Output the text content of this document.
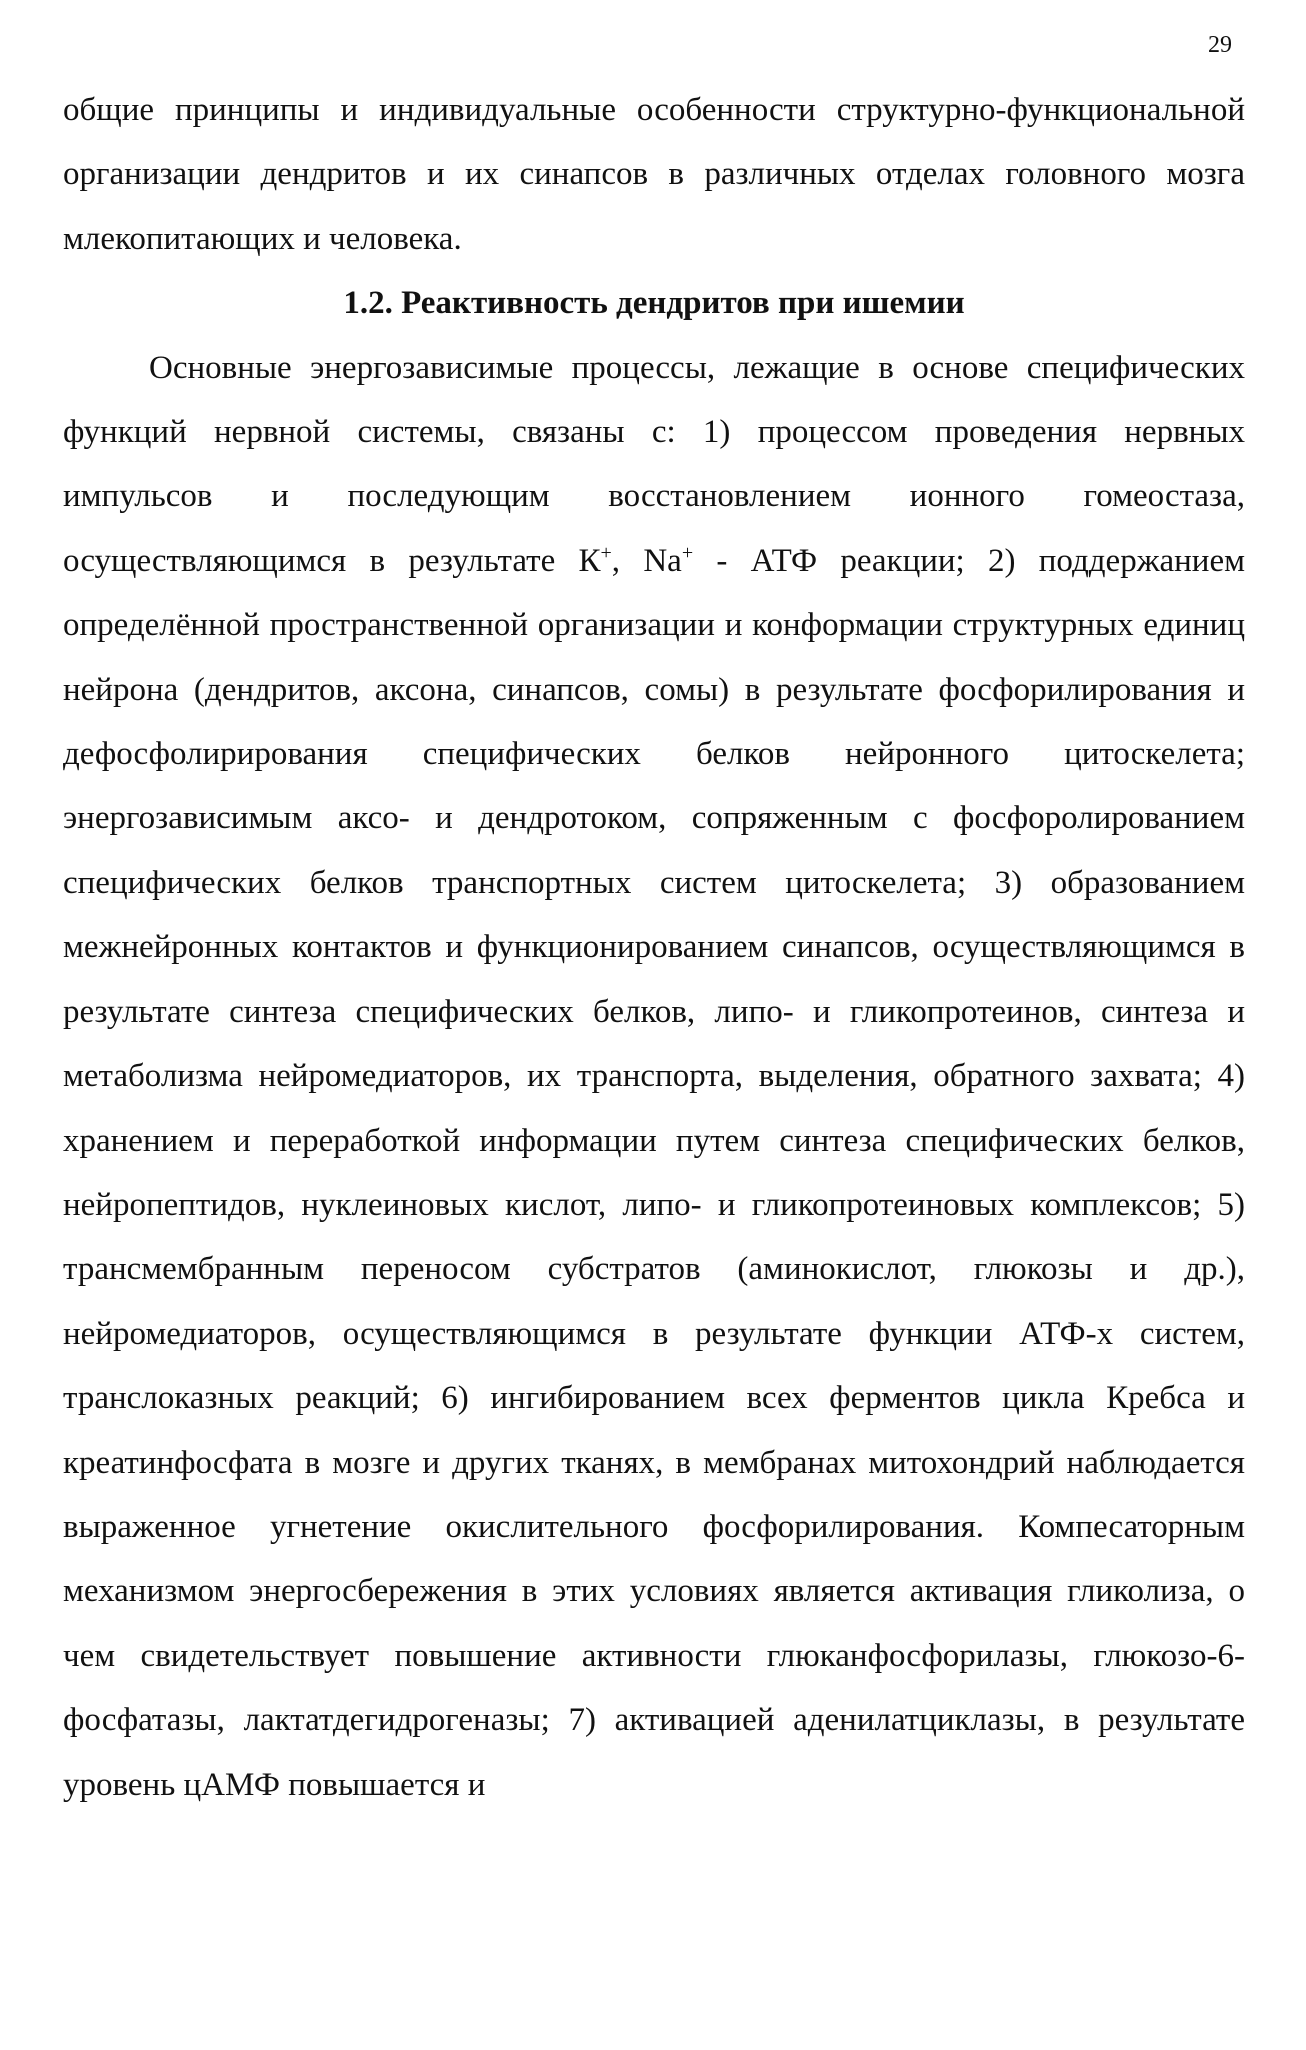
29

общие принципы и индивидуальные особенности структурно-функциональной организации дендритов и их синапсов в различных отделах головного мозга млекопитающих и человека.

1.2. Реактивность дендритов при ишемии

Основные энергозависимые процессы, лежащие в основе специфических функций нервной системы, связаны с: 1) процессом проведения нервных импульсов и последующим восстановлением ионного гомеостаза, осуществляющимся в результате К+, Na+ - АТФ реакции; 2) поддержанием определённой пространственной организации и конформации структурных единиц нейрона (дендритов, аксона, синапсов, сомы) в результате фосфорилирования и дефосфолирирования специфических белков нейронного цитоскелета; энергозависимым аксо- и дендротоком, сопряженным с фосфоролированием специфических белков транспортных систем цитоскелета; 3) образованием межнейронных контактов и функционированием синапсов, осуществляющимся в результате синтеза специфических белков, липо- и гликопротеинов, синтеза и метаболизма нейромедиаторов, их транспорта, выделения, обратного захвата; 4) хранением и переработкой информации путем синтеза специфических белков, нейропептидов, нуклеиновых кислот, липо- и гликопротеиновых комплексов; 5) трансмембранным переносом субстратов (аминокислот, глюкозы и др.), нейромедиаторов, осуществляющимся в результате функции АТФ-х систем, транслоказных реакций; 6) ингибированием всех ферментов цикла Кребса и креатинфосфата в мозге и других тканях, в мембранах митохондрий наблюдается выраженное угнетение окислительного фосфорилирования. Компесаторным механизмом энергосбережения в этих условиях является активация гликолиза, о чем свидетельствует повышение активности глюканфосфорилазы, глюкозо-6-фосфатазы, лактатдегидрогеназы; 7) активацией аденилатциклазы, в результате уровень цАМФ повышается и
